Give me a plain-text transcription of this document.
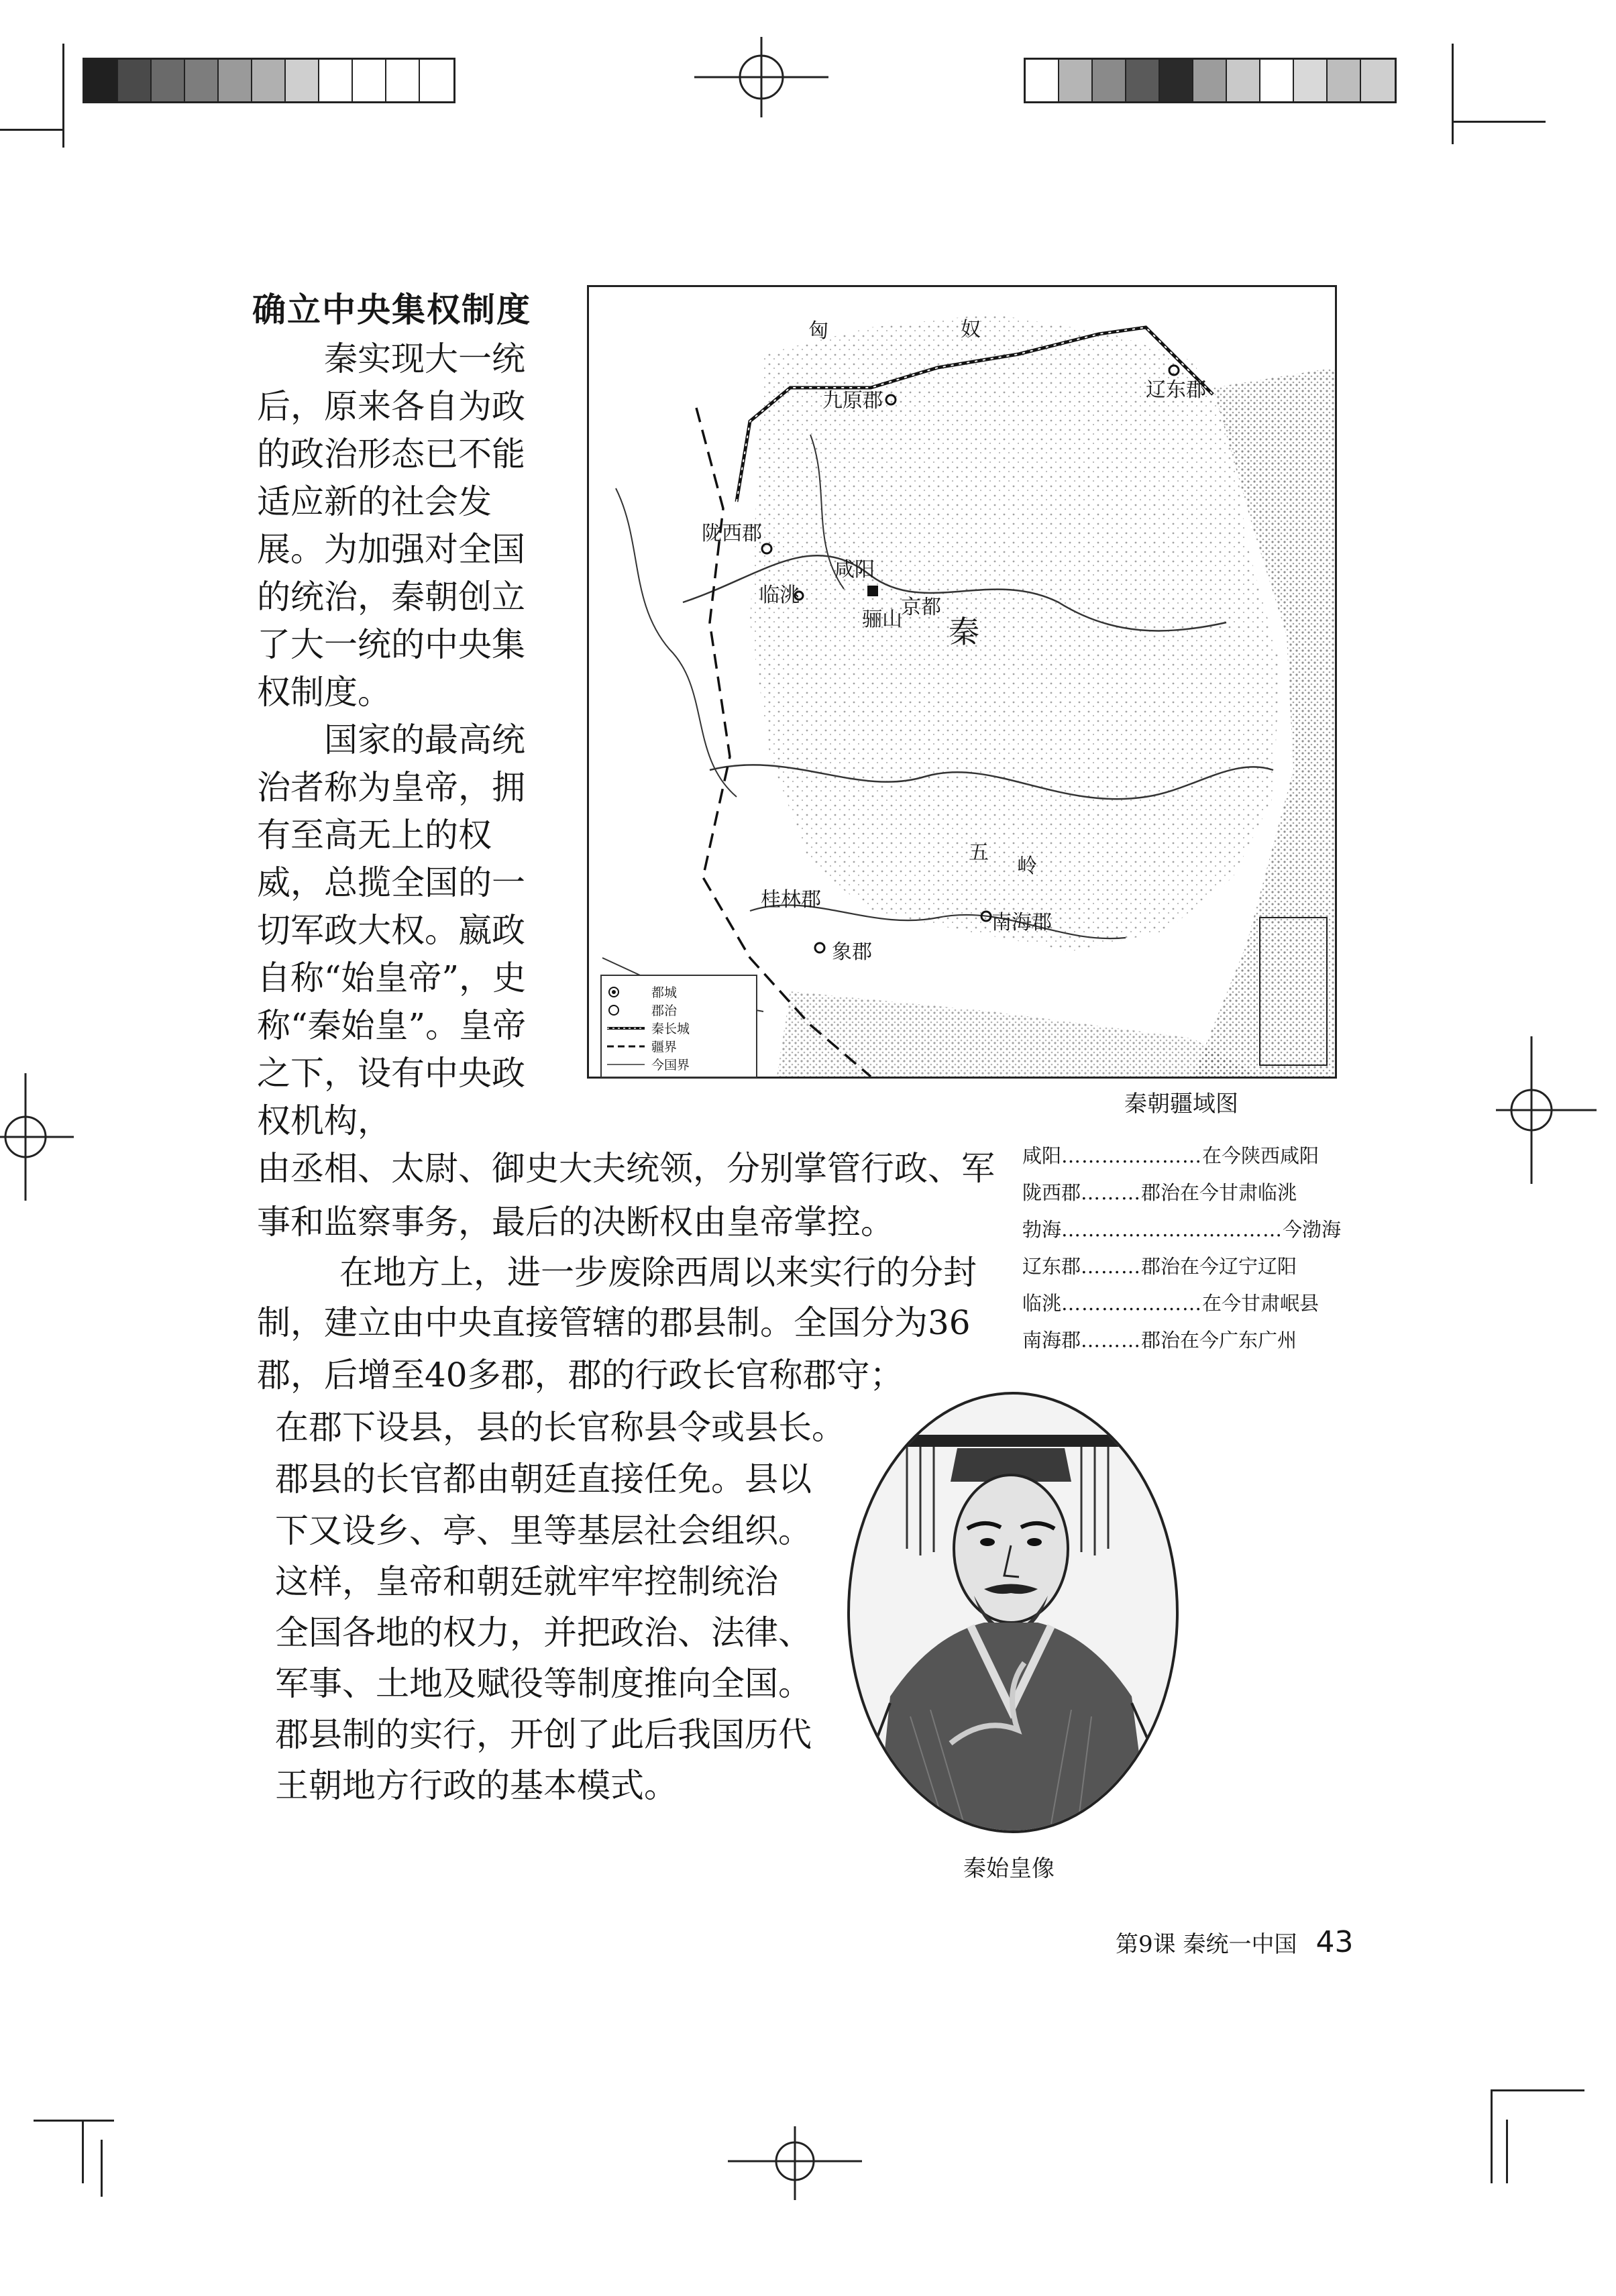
确立中央集权制度

秦实现大一统后，原来各自为政的政治形态已不能适应新的社会发展。为加强对全国的统治，秦朝创立了大一统的中央集权制度。

国家的最高统治者称为皇帝，拥有至高无上的权威，总揽全国的一切军政大权。嬴政自称“始皇帝”，史称“秦始皇”。皇帝之下，设有中央政权机构，

由丞相、太尉、御史大夫统领，分别掌管行政、军
事和监察事务，最后的决断权由皇帝掌控。
在地方上，进一步废除西周以来实行的分封
制，建立由中央直接管辖的郡县制。全国分为36
郡，后增至40多郡，郡的行政长官称郡守；
在郡下设县，县的长官称县令或县长。
郡县的长官都由朝廷直接任免。县以
下又设乡、亭、里等基层社会组织。
这样，皇帝和朝廷就牢牢控制统治
全国各地的权力，并把政治、法律、
军事、土地及赋役等制度推向全国。
郡县制的实行，开创了此后我国历代
王朝地方行政的基本模式。
匈	奴
九原郡	辽东郡
陇西郡
咸阳
临洮
骊山
京都
秦
五
岭
桂林郡
南海郡
象郡
都城
郡治
秦长城
疆界
今国界
秦朝疆域图
咸阳…………………在今陕西咸阳
陇西郡………郡治在今甘肃临洮
勃海……………………………今渤海
辽东郡………郡治在今辽宁辽阳
临洮…………………在今甘肃岷县
南海郡………郡治在今广东广州
秦始皇像
第9课 秦统一中国 43
